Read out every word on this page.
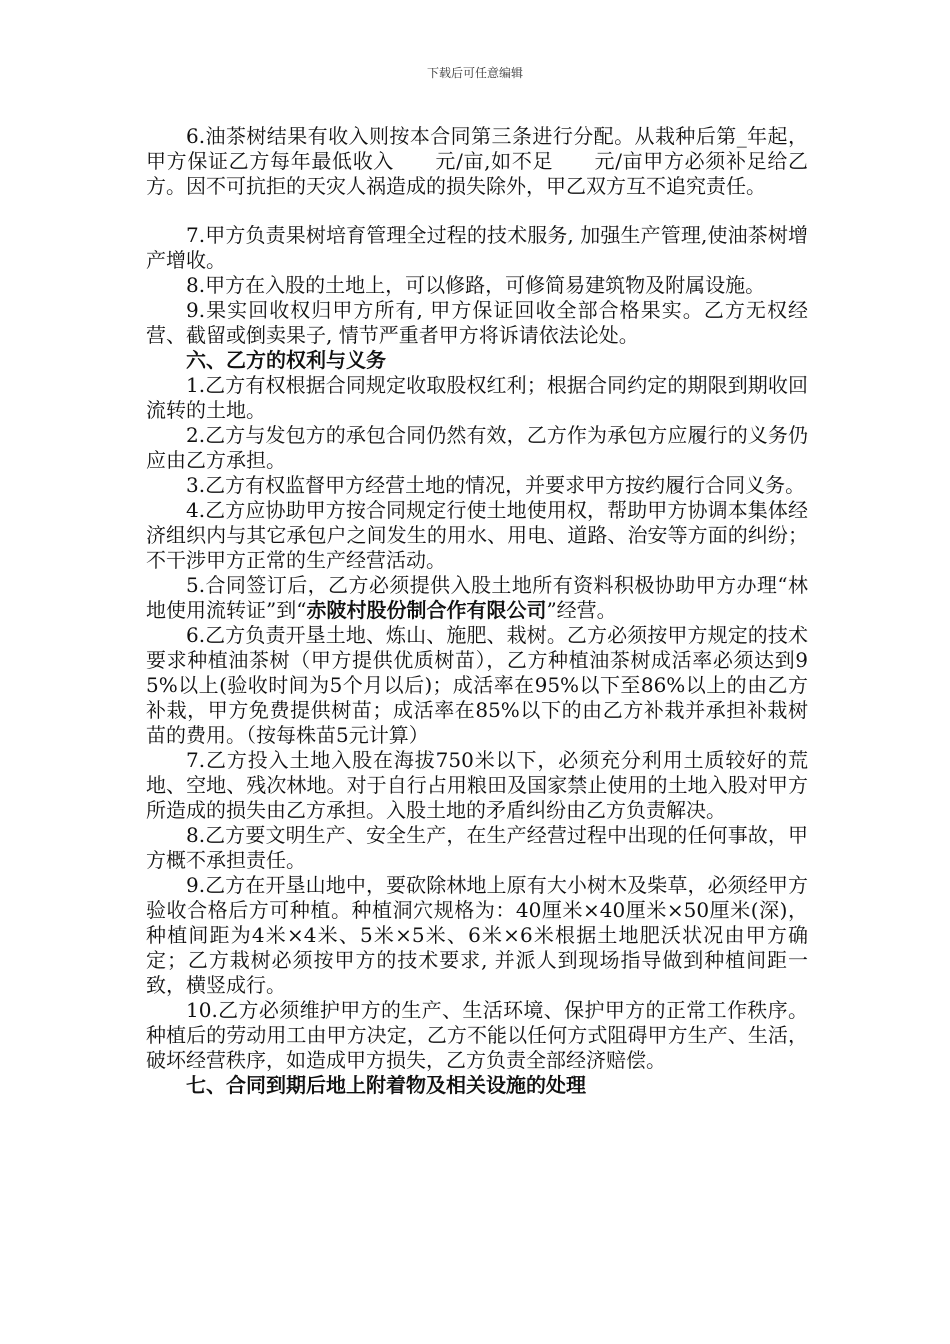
下载后可任意编辑

6.油茶树结果有收入则按本合同第三条进行分配。从栽种后第_年起，甲方保证乙方每年最低收入　　元/亩,如不足　　元/亩甲方必须补足给乙方。因不可抗拒的天灾人祸造成的损失除外，甲乙双方互不追究责任。

7.甲方负责果树培育管理全过程的技术服务, 加强生产管理,使油茶树增产增收。

8.甲方在入股的土地上，可以修路，可修简易建筑物及附属设施。

9.果实回收权归甲方所有, 甲方保证回收全部合格果实。乙方无权经营、截留或倒卖果子, 情节严重者甲方将诉请依法论处。

六、乙方的权利与义务

1.乙方有权根据合同规定收取股权红利；根据合同约定的期限到期收回流转的土地。

2.乙方与发包方的承包合同仍然有效，乙方作为承包方应履行的义务仍应由乙方承担。

3.乙方有权监督甲方经营土地的情况，并要求甲方按约履行合同义务。

4.乙方应协助甲方按合同规定行使土地使用权，帮助甲方协调本集体经济组织内与其它承包户之间发生的用水、用电、道路、治安等方面的纠纷；不干涉甲方正常的生产经营活动。

5.合同签订后，乙方必须提供入股土地所有资料积极协助甲方办理“林地使用流转证”到“赤陂村股份制合作有限公司”经营。

6.乙方负责开垦土地、炼山、施肥、栽树。乙方必须按甲方规定的技术要求种植油茶树（甲方提供优质树苗），乙方种植油茶树成活率必须达到95%以上(验收时间为5个月以后)；成活率在95%以下至86%以上的由乙方补栽，甲方免费提供树苗；成活率在85%以下的由乙方补栽并承担补栽树苗的费用。（按每株苗5元计算）

7.乙方投入土地入股在海拔750米以下，必须充分利用土质较好的荒地、空地、残次林地。对于自行占用粮田及国家禁止使用的土地入股对甲方所造成的损失由乙方承担。入股土地的矛盾纠纷由乙方负责解决。

8.乙方要文明生产、安全生产，在生产经营过程中出现的任何事故，甲方概不承担责任。

9.乙方在开垦山地中，要砍除林地上原有大小树木及柴草，必须经甲方验收合格后方可种植。种植洞穴规格为：40厘米×40厘米×50厘米(深)，种植间距为4米×4米、5米×5米、6米×6米根据土地肥沃状况由甲方确定；乙方栽树必须按甲方的技术要求, 并派人到现场指导做到种植间距一致，横竖成行。

10.乙方必须维护甲方的生产、生活环境、保护甲方的正常工作秩序。种植后的劳动用工由甲方决定，乙方不能以任何方式阻碍甲方生产、生活，破坏经营秩序，如造成甲方损失，乙方负责全部经济赔偿。

七、合同到期后地上附着物及相关设施的处理
